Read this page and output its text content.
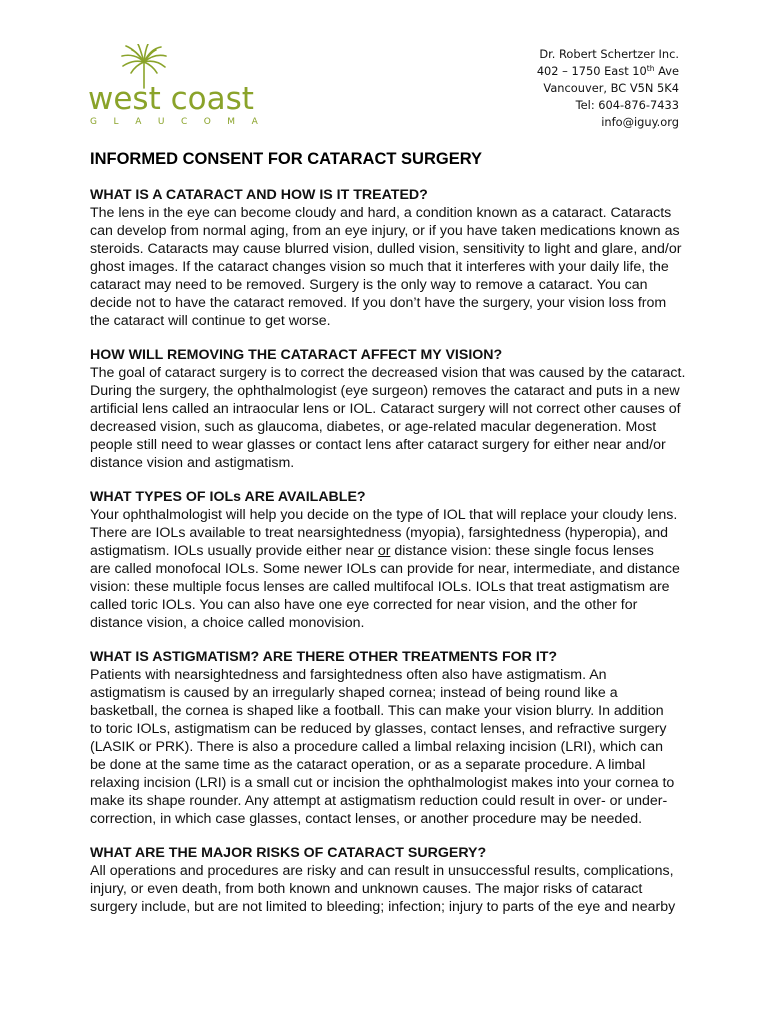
west coast
GLAUCOMA
Dr. Robert Schertzer Inc.
402 – 1750 East 10th Ave
Vancouver, BC V5N 5K4
Tel: 604-876-7433
info@iguy.org
INFORMED CONSENT FOR CATARACT SURGERY
WHAT IS A CATARACT AND HOW IS IT TREATED?
The lens in the eye can become cloudy and hard, a condition known as a cataract. Cataracts
can develop from normal aging, from an eye injury, or if you have taken medications known as
steroids. Cataracts may cause blurred vision, dulled vision, sensitivity to light and glare, and/or
ghost images. If the cataract changes vision so much that it interferes with your daily life, the
cataract may need to be removed. Surgery is the only way to remove a cataract. You can
decide not to have the cataract removed. If you don’t have the surgery, your vision loss from
the cataract will continue to get worse.
HOW WILL REMOVING THE CATARACT AFFECT MY VISION?
The goal of cataract surgery is to correct the decreased vision that was caused by the cataract.
During the surgery, the ophthalmologist (eye surgeon) removes the cataract and puts in a new
artificial lens called an intraocular lens or IOL. Cataract surgery will not correct other causes of
decreased vision, such as glaucoma, diabetes, or age-related macular degeneration. Most
people still need to wear glasses or contact lens after cataract surgery for either near and/or
distance vision and astigmatism.
WHAT TYPES OF IOLs ARE AVAILABLE?
Your ophthalmologist will help you decide on the type of IOL that will replace your cloudy lens.
There are IOLs available to treat nearsightedness (myopia), farsightedness (hyperopia), and
astigmatism. IOLs usually provide either near or distance vision: these single focus lenses
are called monofocal IOLs. Some newer IOLs can provide for near, intermediate, and distance
vision: these multiple focus lenses are called multifocal IOLs. IOLs that treat astigmatism are
called toric IOLs. You can also have one eye corrected for near vision, and the other for
distance vision, a choice called monovision.
WHAT IS ASTIGMATISM? ARE THERE OTHER TREATMENTS FOR IT?
Patients with nearsightedness and farsightedness often also have astigmatism. An
astigmatism is caused by an irregularly shaped cornea; instead of being round like a
basketball, the cornea is shaped like a football. This can make your vision blurry. In addition
to toric IOLs, astigmatism can be reduced by glasses, contact lenses, and refractive surgery
(LASIK or PRK). There is also a procedure called a limbal relaxing incision (LRI), which can
be done at the same time as the cataract operation, or as a separate procedure. A limbal
relaxing incision (LRI) is a small cut or incision the ophthalmologist makes into your cornea to
make its shape rounder. Any attempt at astigmatism reduction could result in over- or under-
correction, in which case glasses, contact lenses, or another procedure may be needed.
WHAT ARE THE MAJOR RISKS OF CATARACT SURGERY?
All operations and procedures are risky and can result in unsuccessful results, complications,
injury, or even death, from both known and unknown causes. The major risks of cataract
surgery include, but are not limited to bleeding; infection; injury to parts of the eye and nearby
